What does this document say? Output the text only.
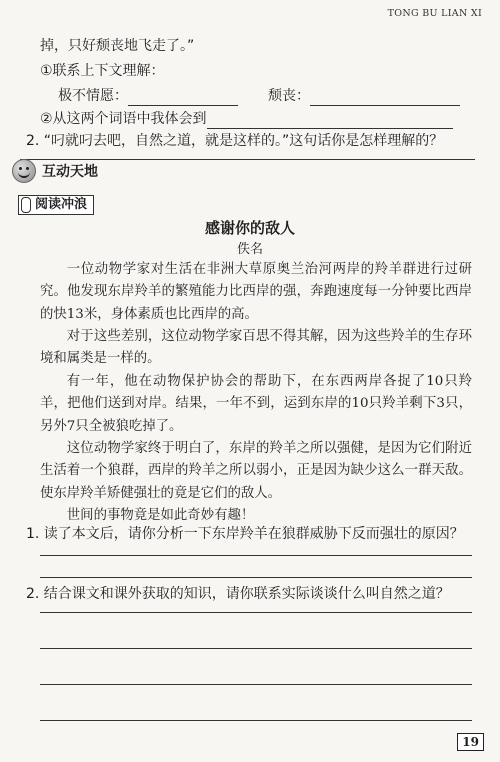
TONG BU LIAN XI
掉，只好颓丧地飞走了。”
①联系上下文理解：
极不情愿：	颓丧：
②从这两个词语中我体会到
2. “叼就叼去吧，自然之道，就是这样的。”这句话你是怎样理解的？
互动天地
阅读冲浪
感谢你的敌人
佚名

一位动物学家对生活在非洲大草原奥兰治河两岸的羚羊群进行过研究。他发现东岸羚羊的繁殖能力比西岸的强，奔跑速度每一分钟要比西岸的快13米，身体素质也比西岸的高。

对于这些差别，这位动物学家百思不得其解，因为这些羚羊的生存环境和属类是一样的。

有一年，他在动物保护协会的帮助下，在东西两岸各捉了10只羚羊，把他们送到对岸。结果，一年不到，运到东岸的10只羚羊剩下3只，另外7只全被狼吃掉了。

这位动物学家终于明白了，东岸的羚羊之所以强健，是因为它们附近生活着一个狼群，西岸的羚羊之所以弱小，正是因为缺少这么一群天敌。使东岸羚羊矫健强壮的竟是它们的敌人。

世间的事物竟是如此奇妙有趣！

1. 读了本文后，请你分析一下东岸羚羊在狼群威胁下反而强壮的原因？
2. 结合课文和课外获取的知识，请你联系实际谈谈什么叫自然之道？
19
